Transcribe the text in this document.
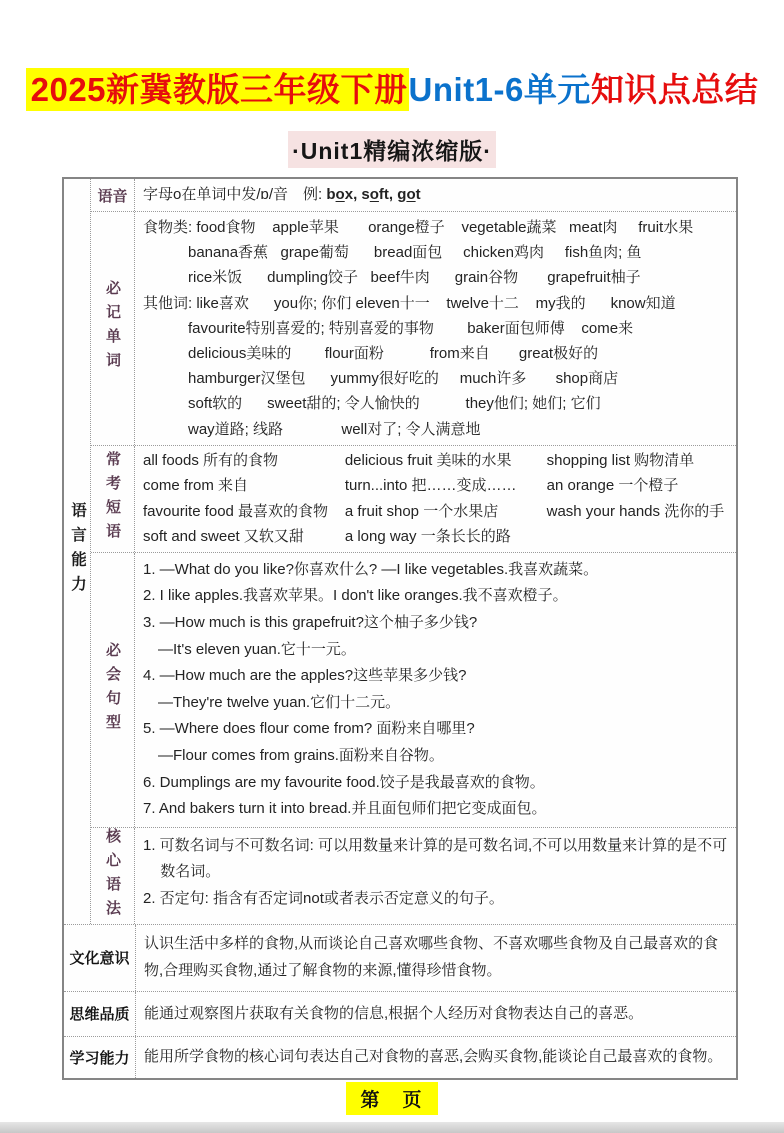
2025新冀教版三年级下册Unit1-6单元知识点总结
·Unit1精编浓缩版·
语言能力
语音	字母o在单词中发/ɒ/音　例: box, soft, got
必记单词
食物类: food食物    apple苹果       orange橙子    vegetable蔬菜   meat肉     fruit水果
　　　banana香蕉   grape葡萄      bread面包     chicken鸡肉     fish鱼肉; 鱼
　　　rice米饭      dumpling饺子   beef牛肉      grain谷物       grapefruit柚子
其他词: like喜欢      you你; 你们 eleven十一    twelve十二    my我的      know知道
　　　favourite特别喜爱的; 特别喜爱的事物        baker面包师傅    come来
　　　delicious美味的        flour面粉           from来自       great极好的
　　　hamburger汉堡包      yummy很好吃的     much许多       shop商店
　　　soft软的      sweet甜的; 令人愉快的           they他们; 她们; 它们
　　　way道路; 线路              well对了; 令人满意地
常考短语 all foods 所有的食物	delicious fruit 美味的水果	shopping list 购物清单
come from 来自	turn...into 把……变成……	an orange 一个橙子
favourite food 最喜欢的食物	a fruit shop 一个水果店	wash your hands 洗你的手
soft and sweet 又软又甜	a long way 一条长长的路
必会句型
1. —What do you like?你喜欢什么? —I like vegetables.我喜欢蔬菜。
2. I like apples.我喜欢苹果。I don't like oranges.我不喜欢橙子。
3. —How much is this grapefruit?这个柚子多少钱?
　—It's eleven yuan.它十一元。
4. —How much are the apples?这些苹果多少钱?
　—They're twelve yuan.它们十二元。
5. —Where does flour come from? 面粉来自哪里?
　—Flour comes from grains.面粉来自谷物。
6. Dumplings are my favourite food.饺子是我最喜欢的食物。
7. And bakers turn it into bread.并且面包师们把它变成面包。
核心语法 1. 可数名词与不可数名词: 可以用数量来计算的是可数名词,不可以用数量来计算的是不可数名词。
2. 否定句: 指含有否定词not或者表示否定意义的句子。
文化意识

认识生活中多样的食物,从而谈论自己喜欢哪些食物、不喜欢哪些食物及自己最喜欢的食物,合理购买食物,通过了解食物的来源,懂得珍惜食物。

思维品质 能通过观察图片获取有关食物的信息,根据个人经历对食物表达自己的喜恶。

学习能力 能用所学食物的核心词句表达自己对食物的喜恶,会购买食物,能谈论自己最喜欢的食物。

第　页
